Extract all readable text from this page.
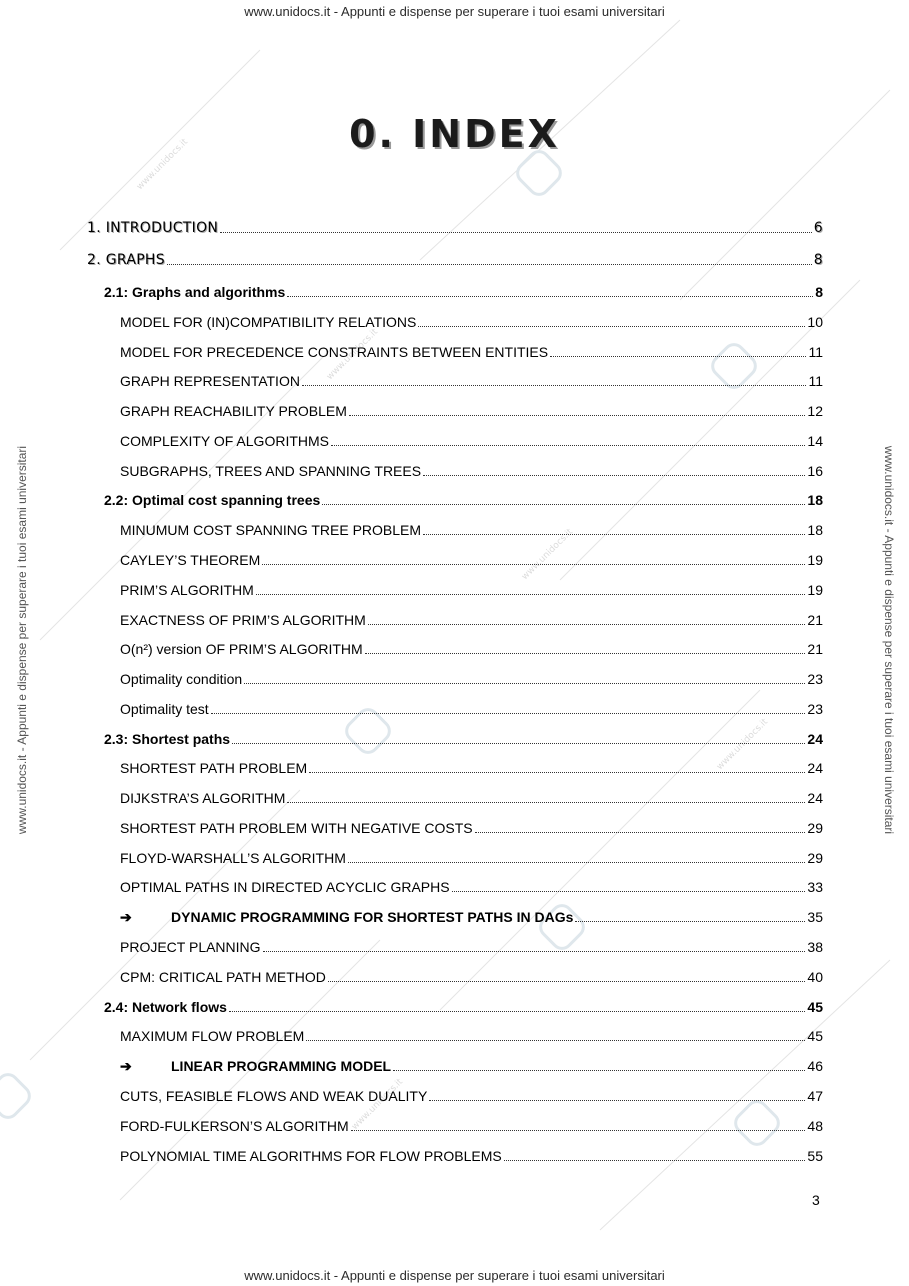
www.unidocs.it - Appunti e dispense per superare i tuoi esami universitari
www.unidocs.it - Appunti e dispense per superare i tuoi esami universitari	www.unidocs.it - Appunti e dispense per superare i tuoi esami universitari
www.unidocs.it
www.unidocs.it
www.unidocs.it
www.unidocs.it
www.unidocs.it
0. INDEX
1. INTRODUCTION	6
2. GRAPHS	8
2.1: Graphs and algorithms	8
MODEL FOR (IN)COMPATIBILITY RELATIONS	10
MODEL FOR PRECEDENCE CONSTRAINTS BETWEEN ENTITIES	11
GRAPH REPRESENTATION	11
GRAPH REACHABILITY PROBLEM	12
COMPLEXITY OF ALGORITHMS	14
SUBGRAPHS, TREES AND SPANNING TREES	16
2.2: Optimal cost spanning trees	18
MINUMUM COST SPANNING TREE PROBLEM	18
CAYLEY’S THEOREM	19
PRIM’S ALGORITHM	19
EXACTNESS OF PRIM’S ALGORITHM	21
O(n²) version OF PRIM’S ALGORITHM	21
Optimality condition	23
Optimality test	23
2.3: Shortest paths	24
SHORTEST PATH PROBLEM	24
DIJKSTRA’S ALGORITHM	24
SHORTEST PATH PROBLEM WITH NEGATIVE COSTS	29
FLOYD-WARSHALL’S ALGORITHM	29
OPTIMAL PATHS IN DIRECTED ACYCLIC GRAPHS	33
➔	DYNAMIC PROGRAMMING FOR SHORTEST PATHS IN DAGs	35
PROJECT PLANNING	38
CPM: CRITICAL PATH METHOD	40
2.4: Network flows	45
MAXIMUM FLOW PROBLEM	45
➔	LINEAR PROGRAMMING MODEL	46
CUTS, FEASIBLE FLOWS AND WEAK DUALITY	47
FORD-FULKERSON’S ALGORITHM	48
POLYNOMIAL TIME ALGORITHMS FOR FLOW PROBLEMS	55
3
www.unidocs.it - Appunti e dispense per superare i tuoi esami universitari
